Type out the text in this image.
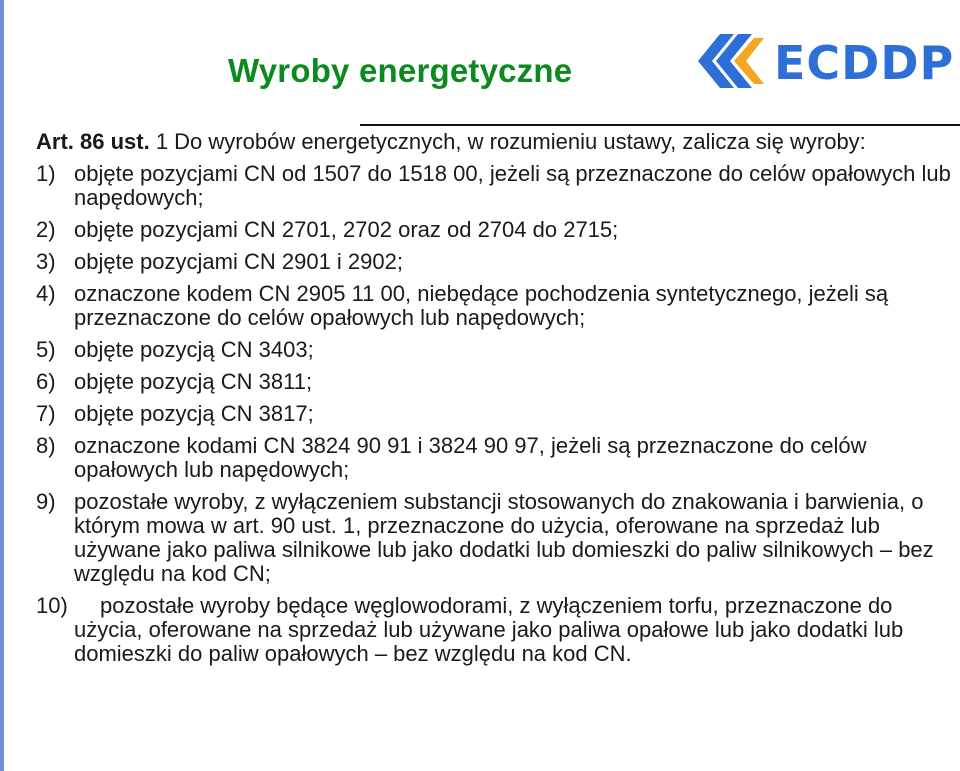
Wyroby energetyczne	ECDDP

Art. 86 ust. 1 Do wyrobów energetycznych, w rozumieniu ustawy, zalicza się wyroby:

1) objęte pozycjami CN od 1507 do 1518 00, jeżeli są przeznaczone do celów opałowych lub napędowych;

2) objęte pozycjami CN 2701, 2702 oraz od 2704 do 2715;

3) objęte pozycjami CN 2901 i 2902;

4) oznaczone kodem CN 2905 11 00, niebędące pochodzenia syntetycznego, jeżeli są przeznaczone do celów opałowych lub napędowych;

5) objęte pozycją CN 3403;

6) objęte pozycją CN 3811;

7) objęte pozycją CN 3817;

8) oznaczone kodami CN 3824 90 91 i 3824 90 97, jeżeli są przeznaczone do celów opałowych lub napędowych;

9) pozostałe wyroby, z wyłączeniem substancji stosowanych do znakowania i barwienia, o którym mowa w art. 90 ust. 1, przeznaczone do użycia, oferowane na sprzedaż lub używane jako paliwa silnikowe lub jako dodatki lub domieszki do paliw silnikowych – bez względu na kod CN;

10) pozostałe wyroby będące węglowodorami, z wyłączeniem torfu, przeznaczone do użycia, oferowane na sprzedaż lub używane jako paliwa opałowe lub jako dodatki lub domieszki do paliw opałowych – bez względu na kod CN.
